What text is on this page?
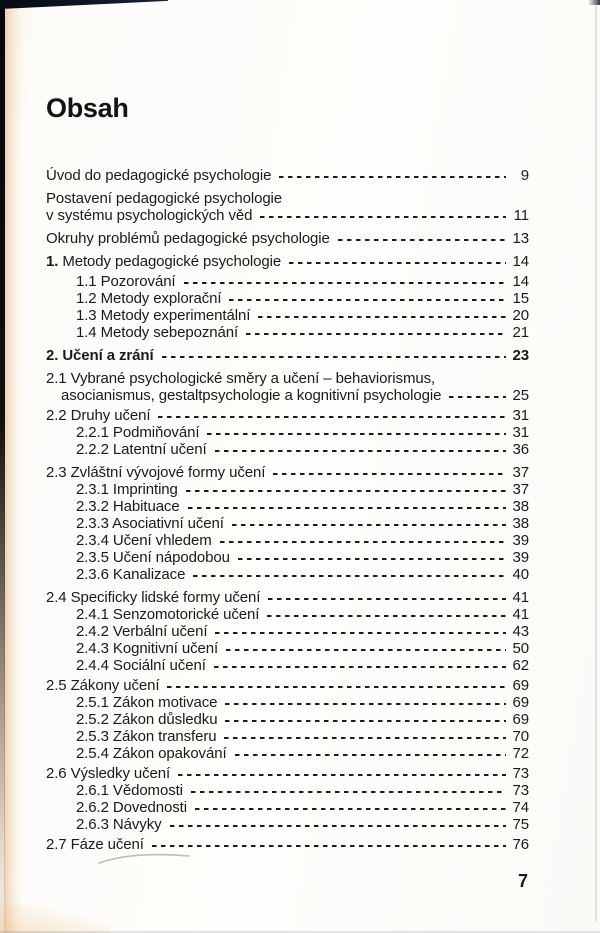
Obsah
Úvod do pedagogické psychologie	9
Postavení pedagogické psychologie
v systému psychologických věd	11
Okruhy problémů pedagogické psychologie	13
1. Metody pedagogické psychologie	14
1.1 Pozorování	14
1.2 Metody explorační	15
1.3 Metody experimentální	20
1.4 Metody sebepoznání	21
2. Učení a zrání	23
2.1 Vybrané psychologické směry a učení – behaviorismus,
asocianismus, gestaltpsychologie a kognitivní psychologie	25
2.2 Druhy učení	31
2.2.1 Podmiňování	31
2.2.2 Latentní učení	36
2.3 Zvláštní vývojové formy učení	37
2.3.1 Imprinting	37
2.3.2 Habituace	38
2.3.3 Asociativní učení	38
2.3.4 Učení vhledem	39
2.3.5 Učení nápodobou	39
2.3.6 Kanalizace	40
2.4 Specificky lidské formy učení	41
2.4.1 Senzomotorické učení	41
2.4.2 Verbální učení	43
2.4.3 Kognitivní učení	50
2.4.4 Sociální učení	62
2.5 Zákony učení	69
2.5.1 Zákon motivace	69
2.5.2 Zákon důsledku	69
2.5.3 Zákon transferu	70
2.5.4 Zákon opakování	72
2.6 Výsledky učení	73
2.6.1 Vědomosti	73
2.6.2 Dovednosti	74
2.6.3 Návyky	75
2.7 Fáze učení	76
7
